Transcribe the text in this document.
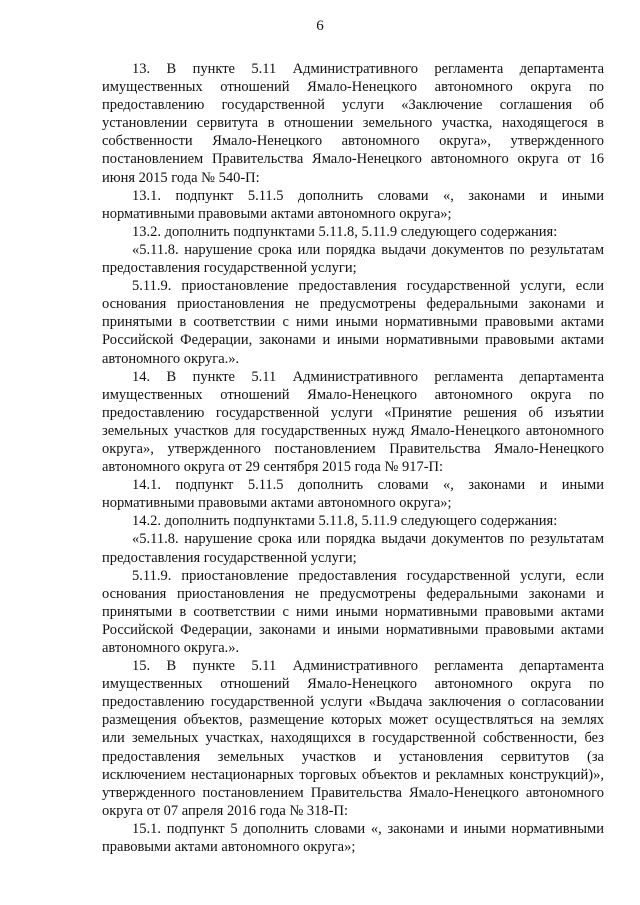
6

13. В пункте 5.11 Административного регламента департамента имущественных отношений Ямало-Ненецкого автономного округа по предоставлению государственной услуги «Заключение соглашения об установлении сервитута в отношении земельного участка, находящегося в собственности Ямало-Ненецкого автономного округа», утвержденного постановлением Правительства Ямало-Ненецкого автономного округа от 16 июня 2015 года № 540-П:

13.1. подпункт 5.11.5 дополнить словами «, законами и иными нормативными правовыми актами автономного округа»;

13.2. дополнить подпунктами 5.11.8, 5.11.9 следующего содержания:

«5.11.8. нарушение срока или порядка выдачи документов по результатам предоставления государственной услуги;

5.11.9. приостановление предоставления государственной услуги, если основания приостановления не предусмотрены федеральными законами и принятыми в соответствии с ними иными нормативными правовыми актами Российской Федерации, законами и иными нормативными правовыми актами автономного округа.».

14. В пункте 5.11 Административного регламента департамента имущественных отношений Ямало-Ненецкого автономного округа по предоставлению государственной услуги «Принятие решения об изъятии земельных участков для государственных нужд Ямало-Ненецкого автономного округа», утвержденного постановлением Правительства Ямало-Ненецкого автономного округа от 29 сентября 2015 года № 917-П:

14.1. подпункт 5.11.5 дополнить словами «, законами и иными нормативными правовыми актами автономного округа»;

14.2. дополнить подпунктами 5.11.8, 5.11.9 следующего содержания:

«5.11.8. нарушение срока или порядка выдачи документов по результатам предоставления государственной услуги;

5.11.9. приостановление предоставления государственной услуги, если основания приостановления не предусмотрены федеральными законами и принятыми в соответствии с ними иными нормативными правовыми актами Российской Федерации, законами и иными нормативными правовыми актами автономного округа.».

15. В пункте 5.11 Административного регламента департамента имущественных отношений Ямало-Ненецкого автономного округа по предоставлению государственной услуги «Выдача заключения о согласовании размещения объектов, размещение которых может осуществляться на землях или земельных участках, находящихся в государственной собственности, без предоставления земельных участков и установления сервитутов (за исключением нестационарных торговых объектов и рекламных конструкций)», утвержденного постановлением Правительства Ямало-Ненецкого автономного округа от 07 апреля 2016 года № 318-П:

15.1. подпункт 5 дополнить словами «, законами и иными нормативными правовыми актами автономного округа»;
